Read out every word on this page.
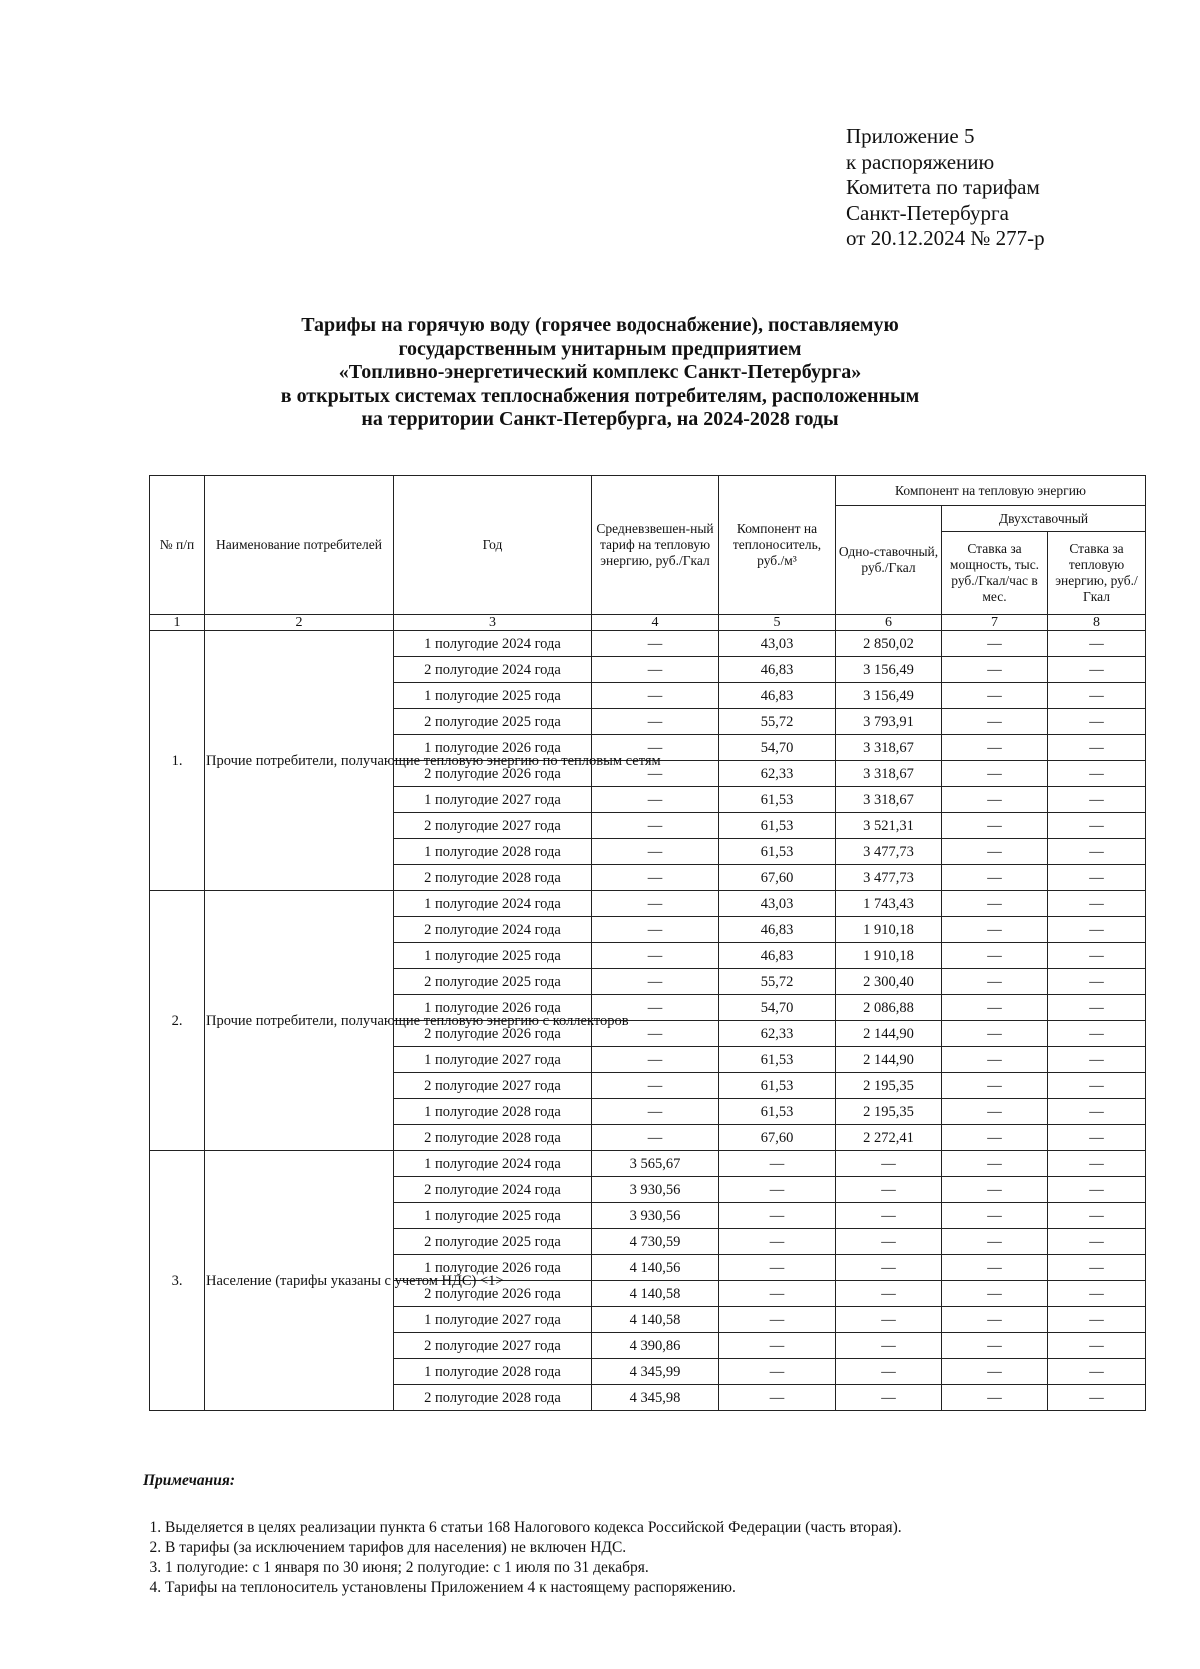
Приложение 5
к распоряжению
Комитета по тарифам
Санкт-Петербурга
от 20.12.2024 № 277-р
Тарифы на горячую воду (горячее водоснабжение), поставляемую
государственным унитарным предприятием
«Топливно-энергетический комплекс Санкт-Петербурга»
в открытых системах теплоснабжения потребителям, расположенным
на территории Санкт-Петербурга, на 2024-2028 годы
№ п/п	Наименование потребителей	Год	Средневзвешен-ный тариф на тепловую энергию, руб./Гкал	Компонент на теплоноситель, руб./м³	Компонент на тепловую энергию		
					Одно-ставочный, руб./Гкал	Двухставочный	
						Ставка за мощность, тыс. руб./Гкал/час в мес.	Ставка за тепловую энергию, руб./Гкал
1	2	3	4	5	6	7	8
1.	Прочие потребители, получающие тепловую энергию по тепловым сетям	1 полугодие 2024 года	—	43,03	2 850,02	—	—
		2 полугодие 2024 года	—	46,83	3 156,49	—	—
		1 полугодие 2025 года	—	46,83	3 156,49	—	—
		2 полугодие 2025 года	—	55,72	3 793,91	—	—
		1 полугодие 2026 года	—	54,70	3 318,67	—	—
		2 полугодие 2026 года	—	62,33	3 318,67	—	—
		1 полугодие 2027 года	—	61,53	3 318,67	—	—
		2 полугодие 2027 года	—	61,53	3 521,31	—	—
		1 полугодие 2028 года	—	61,53	3 477,73	—	—
		2 полугодие 2028 года	—	67,60	3 477,73	—	—
2.	Прочие потребители, получающие тепловую энергию с коллекторов	1 полугодие 2024 года	—	43,03	1 743,43	—	—
		2 полугодие 2024 года	—	46,83	1 910,18	—	—
		1 полугодие 2025 года	—	46,83	1 910,18	—	—
		2 полугодие 2025 года	—	55,72	2 300,40	—	—
		1 полугодие 2026 года	—	54,70	2 086,88	—	—
		2 полугодие 2026 года	—	62,33	2 144,90	—	—
		1 полугодие 2027 года	—	61,53	2 144,90	—	—
		2 полугодие 2027 года	—	61,53	2 195,35	—	—
		1 полугодие 2028 года	—	61,53	2 195,35	—	—
		2 полугодие 2028 года	—	67,60	2 272,41	—	—
3.	Население (тарифы указаны с учетом НДС) <1>	1 полугодие 2024 года	3 565,67	—	—	—	—
		2 полугодие 2024 года	3 930,56	—	—	—	—
		1 полугодие 2025 года	3 930,56	—	—	—	—
		2 полугодие 2025 года	4 730,59	—	—	—	—
		1 полугодие 2026 года	4 140,56	—	—	—	—
		2 полугодие 2026 года	4 140,58	—	—	—	—
		1 полугодие 2027 года	4 140,58	—	—	—	—
		2 полугодие 2027 года	4 390,86	—	—	—	—
		1 полугодие 2028 года	4 345,99	—	—	—	—
		2 полугодие 2028 года	4 345,98	—	—	—	—
Примечания:
1. Выделяется в целях реализации пункта 6 статьи 168 Налогового кодекса Российской Федерации (часть вторая).
2. В тарифы (за исключением тарифов для населения) не включен НДС.
3. 1 полугодие: с 1 января по 30 июня; 2 полугодие: с 1 июля по 31 декабря.
4. Тарифы на теплоноситель установлены Приложением 4 к настоящему распоряжению.
